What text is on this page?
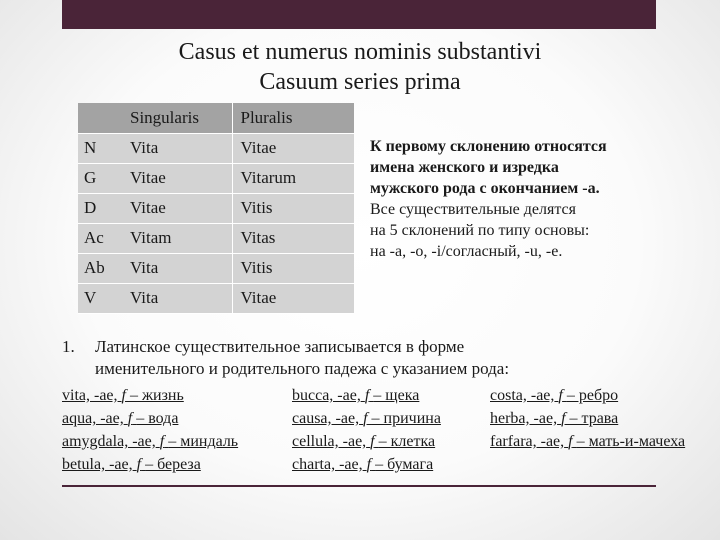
Casus et numerus nominis substantivi
Casuum series prima
	Singularis	Pluralis
N	Vita	Vitae
G	Vitae	Vitarum
D	Vitae	Vitis
Ac	Vitam	Vitas
Ab	Vita	Vitis
V	Vita	Vitae
К первому склонению относятся
имена женского и изредка
мужского рода с окончанием -а.
Все существительные делятся
на 5 склонений по типу основы:
на -а, -о, -i/согласный, -u, -e.
1. Латинское существительное записывается в форме
именительного и родительного падежа с указанием рода:
vita, -ae, f – жизнь
aqua, -ae, f – вода
amygdala, -ae, f – миндаль
betula, -ae, f – береза
bucca, -ae, f – щека
causa, -ae, f – причина
cellula, -ae, f – клетка
charta, -ae, f – бумага
costa, -ae, f – ребро
herba, -ae, f – трава
farfara, -ae, f – мать-и-мачеха
